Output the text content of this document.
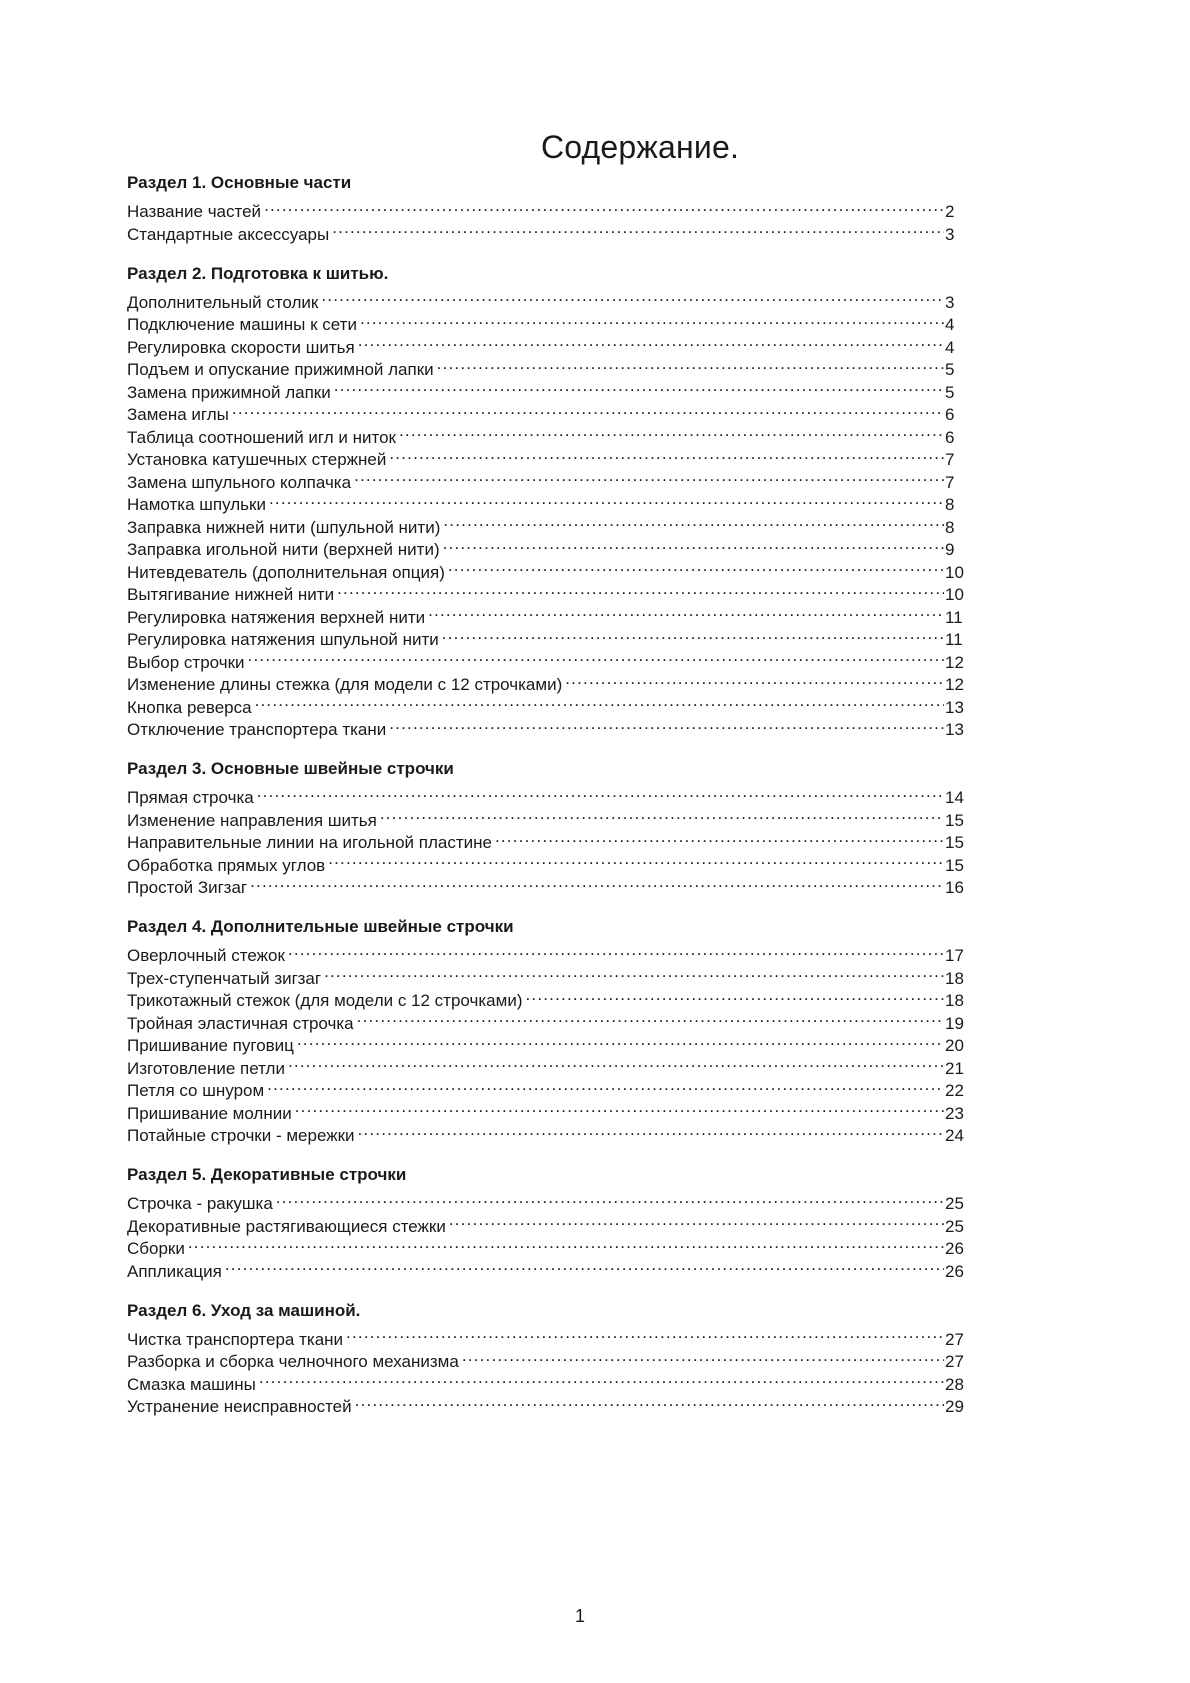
Содержание.
Раздел 1. Основные части
Название частей .....	2
Стандартные аксессуары .....	3
Раздел 2. Подготовка к шитью.
Дополнительный столик .....	3
Подключение машины к сети .....	4
Регулировка скорости шитья .....	4
Подъем и опускание прижимной лапки .....	5
Замена прижимной лапки .....	5
Замена иглы .....	6
Таблица соотношений игл и ниток .....	6
Установка катушечных стержней .....	7
Замена шпульного колпачка .....	7
Намотка шпульки .....	8
Заправка нижней нити (шпульной нити) .....	8
Заправка игольной нити (верхней нити) .....	9
Нитевдеватель (дополнительная опция) .....	10
Вытягивание нижней нити .....	10
Регулировка натяжения верхней нити .....	11
Регулировка натяжения шпульной нити .....	11
Выбор строчки .....	12
Изменение длины стежка (для модели с 12 строчками) .....	12
Кнопка реверса .....	13
Отключение транспортера ткани .....	13
Раздел 3. Основные швейные строчки
Прямая строчка .....	14
Изменение направления шитья .....	15
Направительные линии на игольной пластине .....	15
Обработка прямых углов .....	15
Простой Зигзаг .....	16
Раздел 4. Дополнительные швейные строчки
Оверлочный стежок .....	17
Трех-ступенчатый зигзаг .....	18
Трикотажный стежок (для модели с 12 строчками) .....	18
Тройная эластичная строчка .....	19
Пришивание пуговиц .....	20
Изготовление петли .....	21
Петля со шнуром .....	22
Пришивание молнии .....	23
Потайные строчки - мережки .....	24
Раздел 5. Декоративные строчки
Строчка - ракушка .....	25
Декоративные растягивающиеся стежки .....	25
Сборки .....	26
Аппликация .....	26
Раздел 6. Уход за машиной.
Чистка транспортера ткани .....	27
Разборка и сборка челночного механизма .....	27
Смазка машины .....	28
Устранение неисправностей .....	29
1
